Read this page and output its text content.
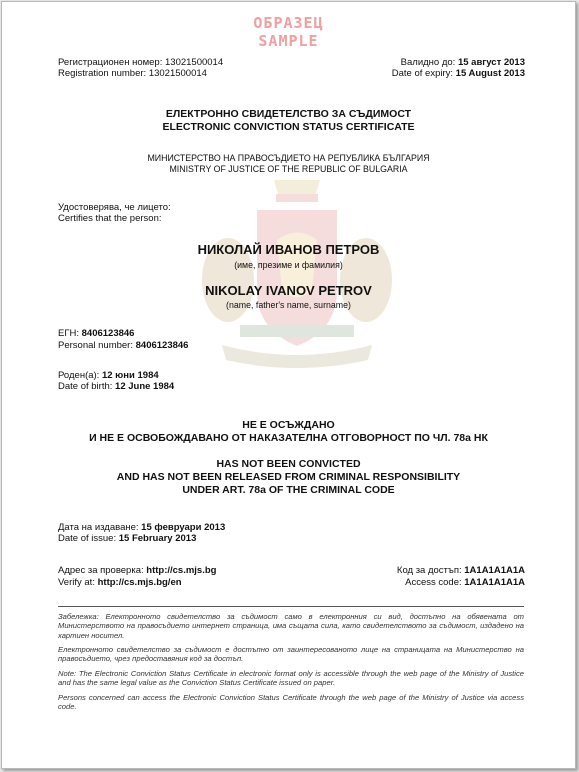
ОБРАЗЕЦ
SAMPLE
Регистрационен номер: 13021500014
Registration number: 13021500014
Валидно до: 15 август 2013
Date of expiry: 15 August 2013
ЕЛЕКТРОННО СВИДЕТЕЛСТВО ЗА СЪДИМОСТ
ELECTRONIC CONVICTION STATUS CERTIFICATE
МИНИСТЕРСТВО НА ПРАВОСЪДИЕТО НА РЕПУБЛИКА БЪЛГАРИЯ
MINISTRY OF JUSTICE OF THE REPUBLIC OF BULGARIA
Удостоверява, че лицето:
Certifies that the person:
НИКОЛАЙ ИВАНОВ ПЕТРОВ
(име, презиме и фамилия)
NIKOLAY IVANOV PETROV
(name, father's name, surname)
ЕГН: 8406123846
Personal number: 8406123846
Роден(а): 12 юни 1984
Date of birth: 12 June 1984
НЕ Е ОСЪЖДАНО
И НЕ Е ОСВОБОЖДАВАНО ОТ НАКАЗАТЕЛНА ОТГОВОРНОСТ ПО ЧЛ. 78а НК
HAS NOT BEEN CONVICTED
AND HAS NOT BEEN RELEASED FROM CRIMINAL RESPONSIBILITY
UNDER ART. 78a OF THE CRIMINAL CODE
Дата на издаване: 15 февруари 2013
Date of issue: 15 February 2013
Адрес за проверка: http://cs.mjs.bg
Verify at: http://cs.mjs.bg/en
Код за достъп: 1A1A1A1A1A
Access code: 1A1A1A1A1A
Забележка: Електронното свидетелство за съдимост само в електронния си вид, достъпно на обявената от Министерството на правосъдието интернет страница, има същата сила, като свидетелството за съдимост, издадено на хартиен носител.
Електронното свидетелство за съдимост е достъпно от заинтересованото лице на страницата на Министерство на правосъдието, чрез предоставяния код за достъп.
Note: The Electronic Conviction Status Certificate in electronic format only is accessible through the web page of the Ministry of Justice and has the same legal value as the Conviction Status Certificate issued on paper.
Persons concerned can access the Electronic Conviction Status Certificate through the web page of the Ministry of Justice via access code.
